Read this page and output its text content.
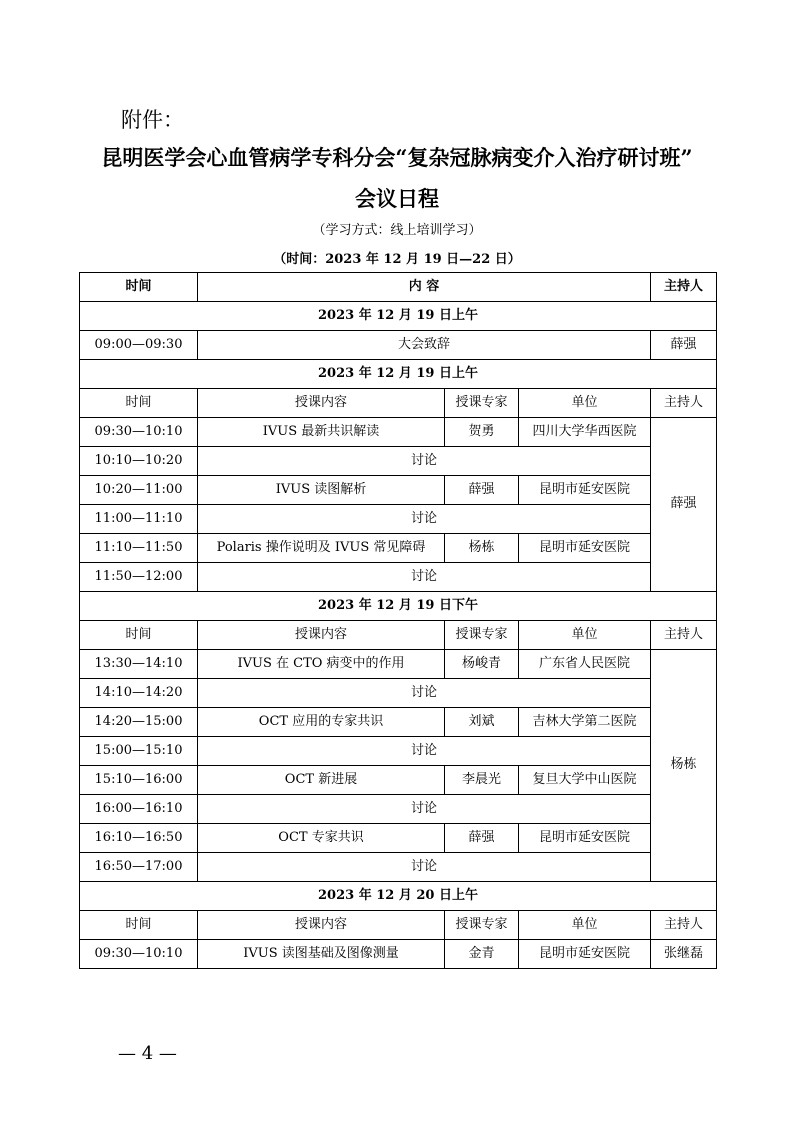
附件：
昆明医学会心血管病学专科分会“复杂冠脉病变介入治疗研讨班”
会议日程
（学习方式：线上培训学习）
（时间：2023 年 12 月 19 日—22 日）
时间	内 容			主持人
2023 年 12 月 19 日上午				
09:00—09:30	大会致辞			薛强
2023 年 12 月 19 日上午				
时间	授课内容	授课专家	单位	主持人
09:30—10:10	IVUS 最新共识解读	贺勇	四川大学华西医院	薛强
10:10—10:20	讨论			
10:20—11:00	IVUS 读图解析	薛强	昆明市延安医院	
11:00—11:10	讨论			
11:10—11:50	Polaris 操作说明及 IVUS 常见障碍	杨栋	昆明市延安医院	
11:50—12:00	讨论			
2023 年 12 月 19 日下午				
时间	授课内容	授课专家	单位	主持人
13:30—14:10	IVUS 在 CTO 病变中的作用	杨峻青	广东省人民医院	杨栋
14:10—14:20	讨论			
14:20—15:00	OCT 应用的专家共识	刘斌	吉林大学第二医院	
15:00—15:10	讨论			
15:10—16:00	OCT 新进展	李晨光	复旦大学中山医院	
16:00—16:10	讨论			
16:10—16:50	OCT 专家共识	薛强	昆明市延安医院	
16:50—17:00	讨论			
2023 年 12 月 20 日上午				
时间	授课内容	授课专家	单位	主持人
09:30—10:10	IVUS 读图基础及图像测量	金青	昆明市延安医院	张继磊
— 4 —
